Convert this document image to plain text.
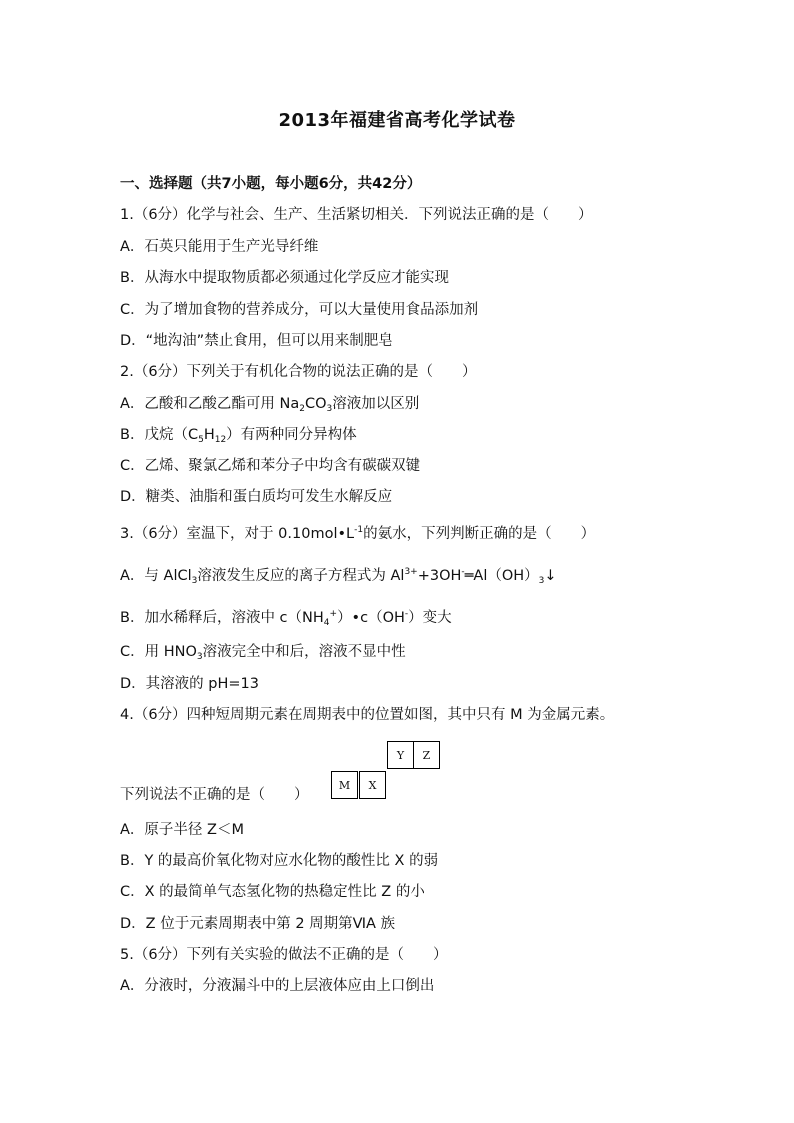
2013年福建省高考化学试卷
一、选择题（共7小题，每小题6分，共42分）
1.（6分）化学与社会、生产、生活紧切相关．下列说法正确的是（　　）
A．石英只能用于生产光导纤维
B．从海水中提取物质都必须通过化学反应才能实现
C．为了增加食物的营养成分，可以大量使用食品添加剂
D．“地沟油”禁止食用，但可以用来制肥皂
2.（6分）下列关于有机化合物的说法正确的是（　　）
A．乙酸和乙酸乙酯可用 $Na_2CO_3$溶液加以区别
B．戊烷$(C_5H_{12})$有两种同分异构体
C．乙烯、聚氯乙烯和苯分子中均含有碳碳双键
D．糖类、油脂和蛋白质均可发生水解反应
3.（6分）室温下，对于 $0.10mol•L^{-1}$的氨水，下列判断正确的是（　　）
A．与 AlCl$_3$溶液发生反应的离子方程式为 $Al^{3+}+3OH^-═Al(OH)_3↓$
B．加水稀释后，溶液中 $c(NH_4^+)•c(OH^-)$变大
C．用 $HNO_3$溶液完全中和后，溶液不显中性
D．其溶液的 pH=13
4.（6分）四种短周期元素在周期表中的位置如图，其中只有 M 为金属元素。
Y	Z
M	X
下列说法不正确的是（　　）
A．原子半径 Z＜M
B．Y 的最高价氧化物对应水化物的酸性比 X 的弱
C．X 的最简单气态氢化物的热稳定性比 Z 的小
D．Z 位于元素周期表中第 2 周期第ⅥA 族
5.（6分）下列有关实验的做法不正确的是（　　）
A．分液时，分液漏斗中的上层液体应由上口倒出
